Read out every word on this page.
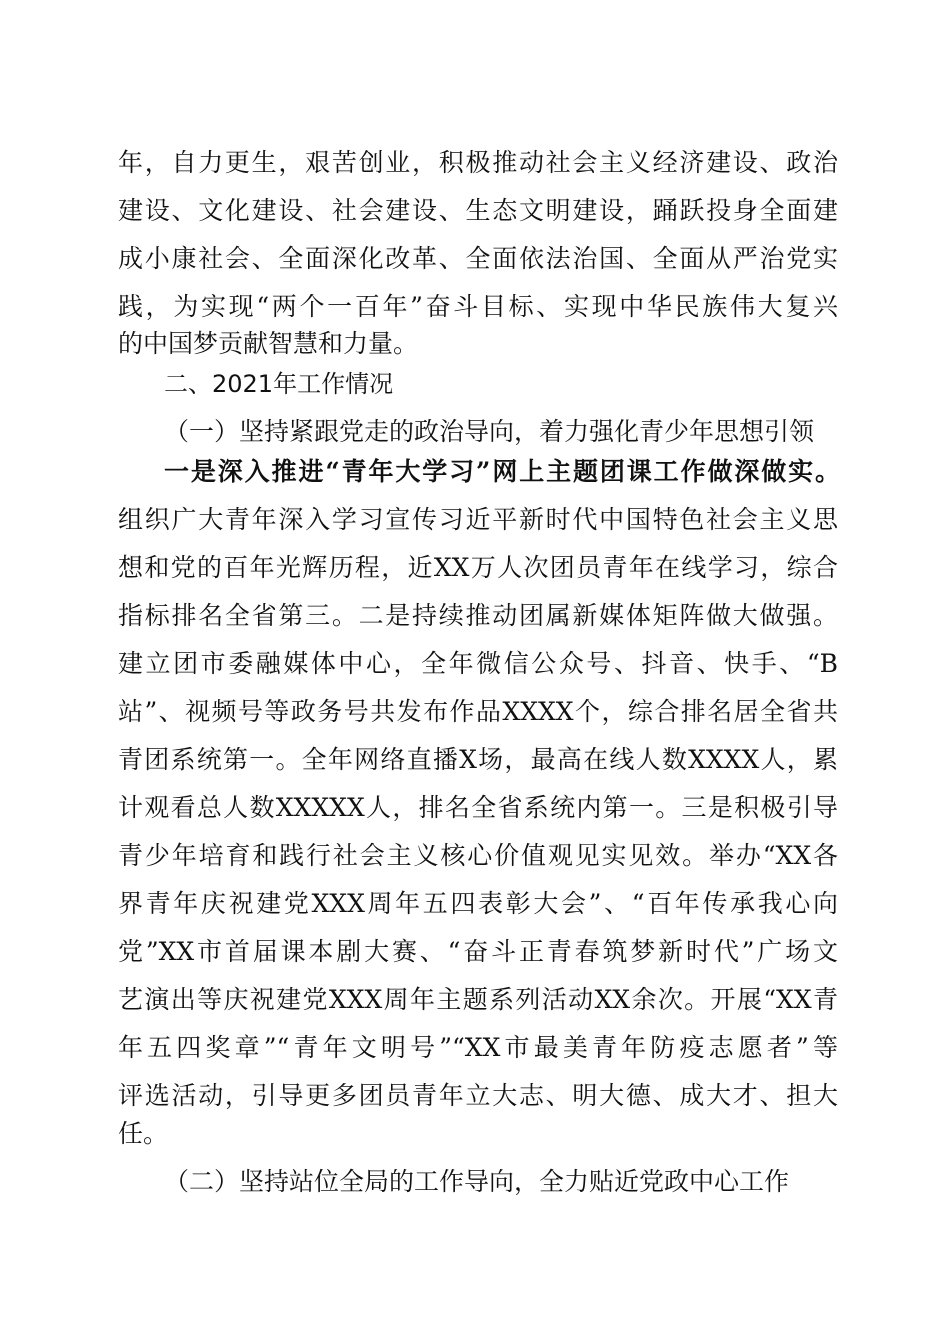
年，自力更生，艰苦创业，积极推动社会主义经济建设、政治
建设、文化建设、社会建设、生态文明建设，踊跃投身全面建
成小康社会、全面深化改革、全面依法治国、全面从严治党实
践，为实现“两个一百年”奋斗目标、实现中华民族伟大复兴
的中国梦贡献智慧和力量。
二、2021年工作情况
（一）坚持紧跟党走的政治导向，着力强化青少年思想引领
一是深入推进“青年大学习”网上主题团课工作做深做实。
组织广大青年深入学习宣传习近平新时代中国特色社会主义思
想和党的百年光辉历程，近XX万人次团员青年在线学习，综合
指标排名全省第三。二是持续推动团属新媒体矩阵做大做强。
建立团市委融媒体中心，全年微信公众号、抖音、快手、“B
站”、视频号等政务号共发布作品XXXX个，综合排名居全省共
青团系统第一。全年网络直播X场，最高在线人数XXXX人，累
计观看总人数XXXXX人，排名全省系统内第一。三是积极引导
青少年培育和践行社会主义核心价值观见实见效。举办“XX各
界青年庆祝建党XXX周年五四表彰大会”、“百年传承我心向
党”XX市首届课本剧大赛、“奋斗正青春筑梦新时代”广场文
艺演出等庆祝建党XXX周年主题系列活动XX余次。开展“XX青
年五四奖章”“青年文明号”“XX市最美青年防疫志愿者”等
评选活动，引导更多团员青年立大志、明大德、成大才、担大
任。
（二）坚持站位全局的工作导向，全力贴近党政中心工作
